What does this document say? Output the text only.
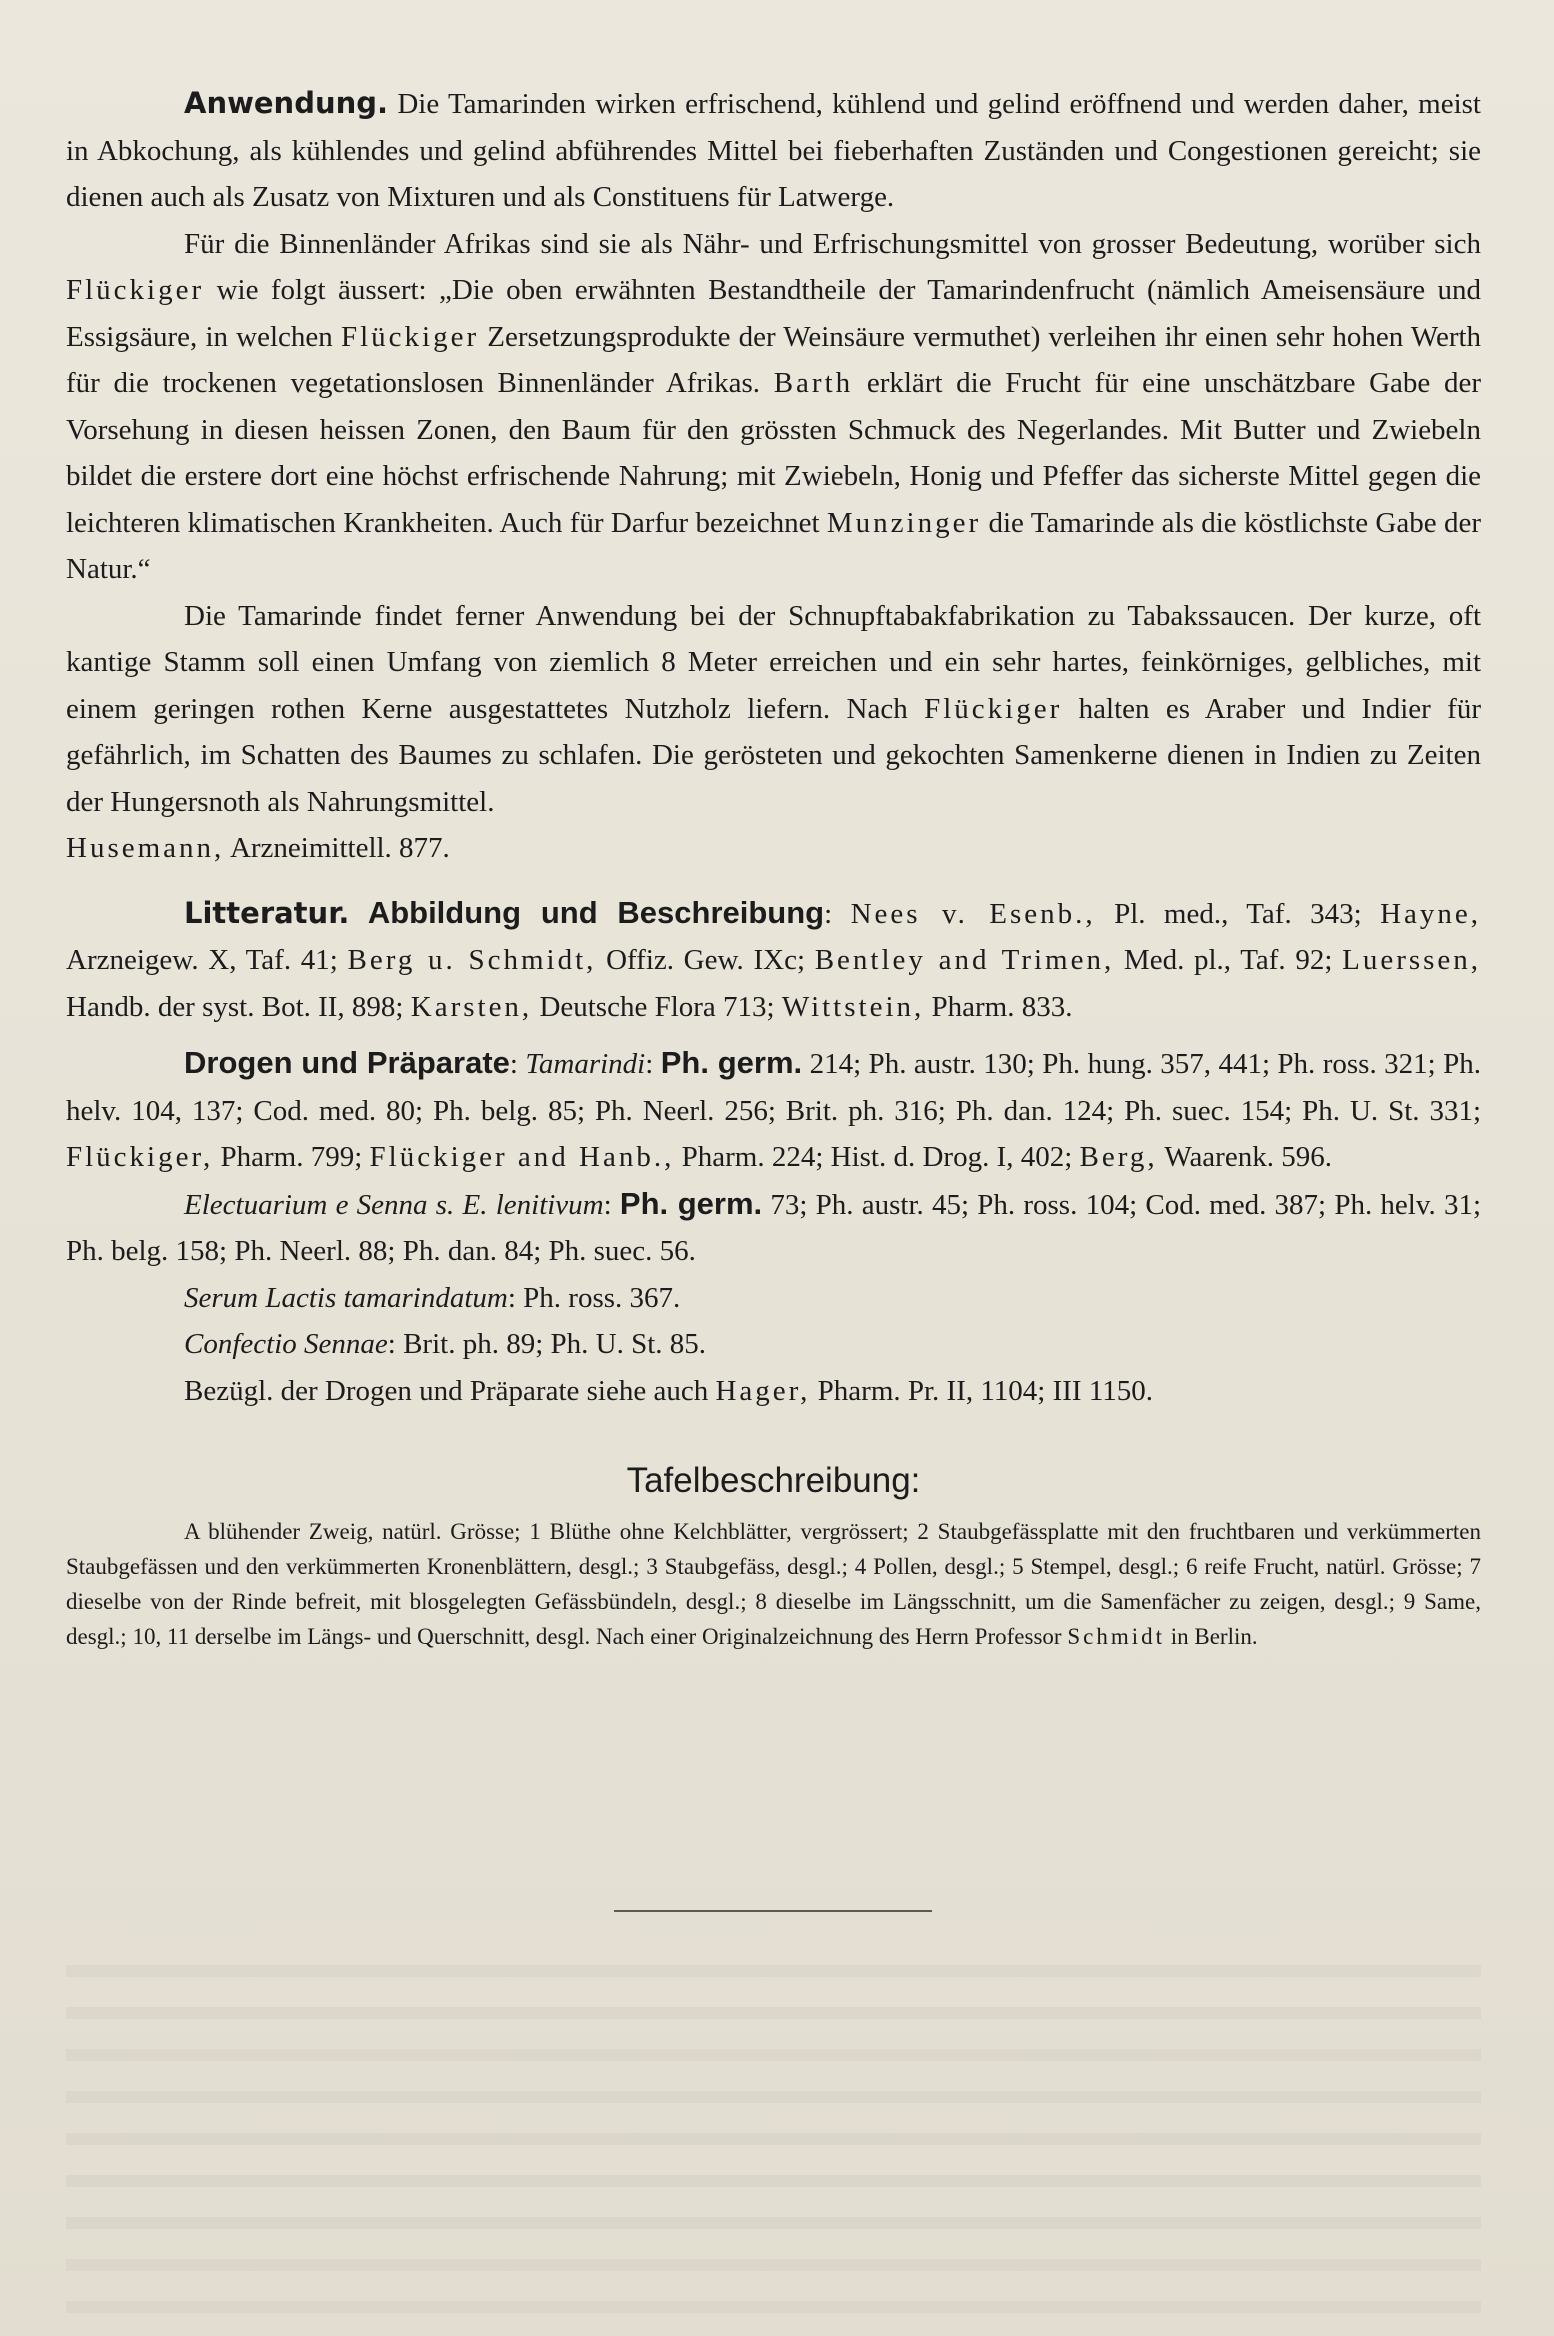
Anwendung. Die Tamarinden wirken erfrischend, kühlend und gelind eröffnend und werden daher, meist in Abkochung, als kühlendes und gelind abführendes Mittel bei fieberhaften Zuständen und Congestionen gereicht; sie dienen auch als Zusatz von Mixturen und als Constituens für Latwerge.

Für die Binnenländer Afrikas sind sie als Nähr- und Erfrischungsmittel von grosser Bedeutung, worüber sich Flückiger wie folgt äussert: „Die oben erwähnten Bestandtheile der Tamarindenfrucht (nämlich Ameisensäure und Essigsäure, in welchen Flückiger Zersetzungsprodukte der Weinsäure vermuthet) verleihen ihr einen sehr hohen Werth für die trockenen vegetationslosen Binnenländer Afrikas. Barth erklärt die Frucht für eine unschätzbare Gabe der Vorsehung in diesen heissen Zonen, den Baum für den grössten Schmuck des Negerlandes. Mit Butter und Zwiebeln bildet die erstere dort eine höchst erfrischende Nahrung; mit Zwiebeln, Honig und Pfeffer das sicherste Mittel gegen die leichteren klimatischen Krankheiten. Auch für Darfur bezeichnet Munzinger die Tamarinde als die köstlichste Gabe der Natur.“

Die Tamarinde findet ferner Anwendung bei der Schnupftabakfabrikation zu Tabakssaucen. Der kurze, oft kantige Stamm soll einen Umfang von ziemlich 8 Meter erreichen und ein sehr hartes, feinkörniges, gelbliches, mit einem geringen rothen Kerne ausgestattetes Nutzholz liefern. Nach Flückiger halten es Araber und Indier für gefährlich, im Schatten des Baumes zu schlafen. Die gerösteten und gekochten Samenkerne dienen in Indien zu Zeiten der Hungersnoth als Nahrungsmittel.
Husemann, Arzneimittell. 877.

Litteratur. Abbildung und Beschreibung: Nees v. Esenb., Pl. med., Taf. 343; Hayne, Arzneigew. X, Taf. 41; Berg u. Schmidt, Offiz. Gew. IXc; Bentley and Trimen, Med. pl., Taf. 92; Luerssen, Handb. der syst. Bot. II, 898; Karsten, Deutsche Flora 713; Wittstein, Pharm. 833.

Drogen und Präparate: Tamarindi: Ph. germ. 214; Ph. austr. 130; Ph. hung. 357, 441; Ph. ross. 321; Ph. helv. 104, 137; Cod. med. 80; Ph. belg. 85; Ph. Neerl. 256; Brit. ph. 316; Ph. dan. 124; Ph. suec. 154; Ph. U. St. 331; Flückiger, Pharm. 799; Flückiger and Hanb., Pharm. 224; Hist. d. Drog. I, 402; Berg, Waarenk. 596.

Electuarium e Senna s. E. lenitivum: Ph. germ. 73; Ph. austr. 45; Ph. ross. 104; Cod. med. 387; Ph. helv. 31; Ph. belg. 158; Ph. Neerl. 88; Ph. dan. 84; Ph. suec. 56.

Serum Lactis tamarindatum: Ph. ross. 367.

Confectio Sennae: Brit. ph. 89; Ph. U. St. 85.

Bezügl. der Drogen und Präparate siehe auch Hager, Pharm. Pr. II, 1104; III 1150.

Tafelbeschreibung:

A blühender Zweig, natürl. Grösse; 1 Blüthe ohne Kelchblätter, vergrössert; 2 Staubgefässplatte mit den fruchtbaren und verkümmerten Staubgefässen und den verkümmerten Kronenblättern, desgl.; 3 Staubgefäss, desgl.; 4 Pollen, desgl.; 5 Stempel, desgl.; 6 reife Frucht, natürl. Grösse; 7 dieselbe von der Rinde befreit, mit blosgelegten Gefässbündeln, desgl.; 8 dieselbe im Längsschnitt, um die Samenfächer zu zeigen, desgl.; 9 Same, desgl.; 10, 11 derselbe im Längs- und Querschnitt, desgl. Nach einer Originalzeichnung des Herrn Professor Schmidt in Berlin.
